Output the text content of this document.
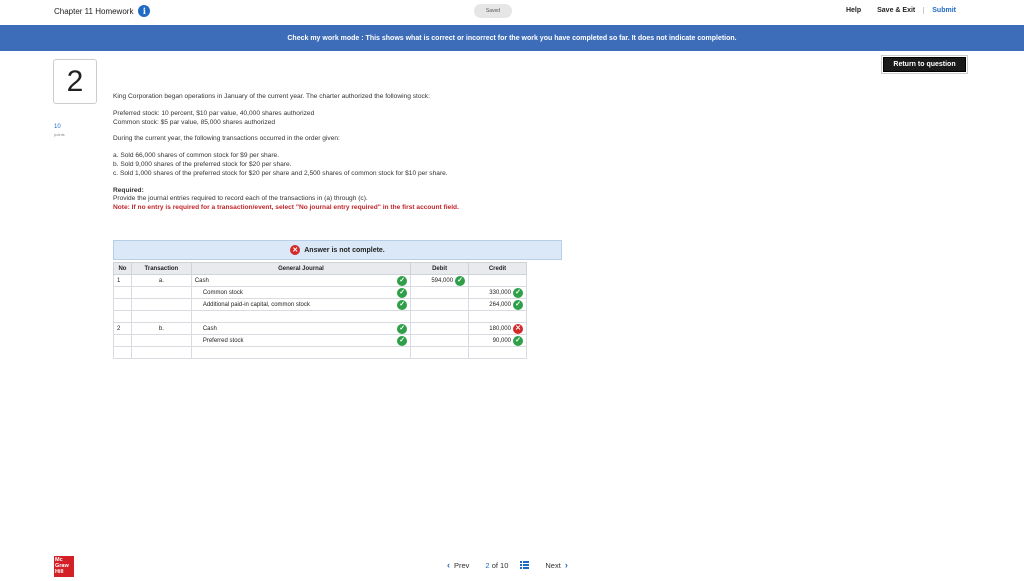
Chapter 11 Homework	i	Saved	Help	Save & Exit	Submit
Check my work mode : This shows what is correct or incorrect for the work you have completed so far. It does not indicate completion.
Return to question
2
10
points

King Corporation began operations in January of the current year. The charter authorized the following stock:

Preferred stock: 10 percent, $10 par value, 40,000 shares authorized
Common stock: $5 par value, 85,000 shares authorized

During the current year, the following transactions occurred in the order given:

a. Sold 66,000 shares of common stock for $9 per share.
b. Sold 9,000 shares of the preferred stock for $20 per share.
c. Sold 1,000 shares of the preferred stock for $20 per share and 2,500 shares of common stock for $10 per share.

Required:
Provide the journal entries required to record each of the transactions in (a) through (c).
Note: If no entry is required for a transaction/event, select "No journal entry required" in the first account field.
✕ Answer is not complete.
No	Transaction	General Journal	Debit	Credit
1	a.	Cash ✓	594,000 ✓	

		Common stock ✓		330,000 ✓

		Additional paid-in capital, common stock ✓		264,000 ✓

2	b.	Cash ✓		180,000 ✕

		Preferred stock ✓		90,000 ✓

Mc
Graw
Hill
‹ Prev 2 of 10	Next ›
